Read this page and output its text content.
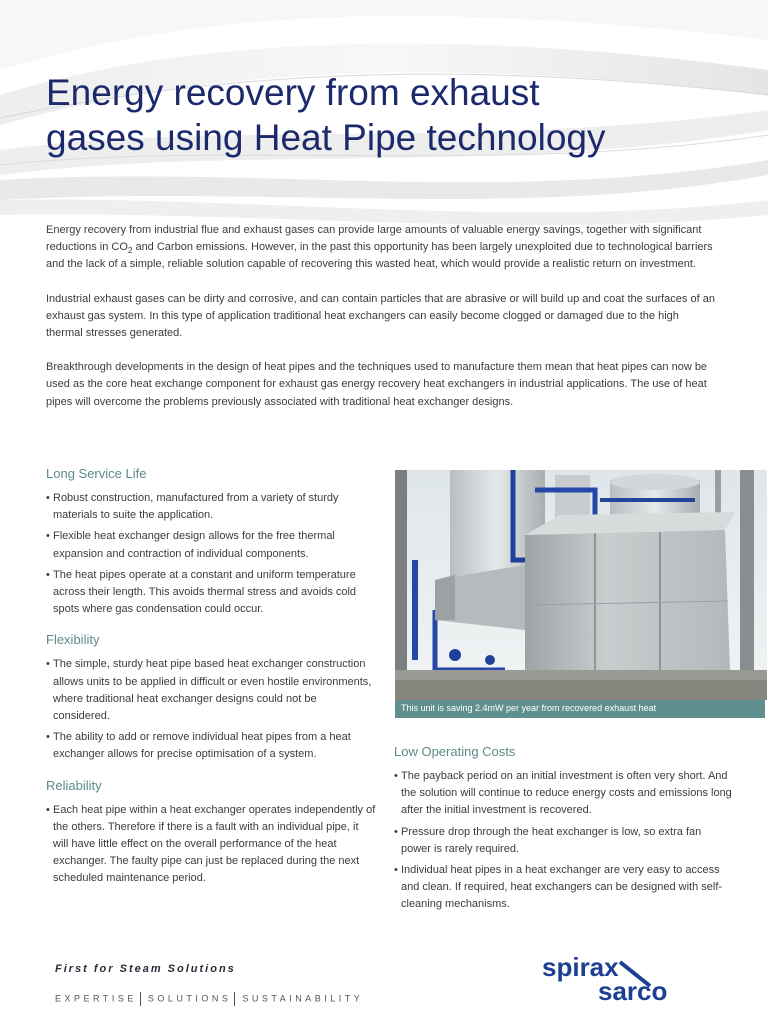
Energy recovery from exhaust
gases using Heat Pipe technology

Energy recovery from industrial flue and exhaust gases can provide large amounts of valuable energy savings, together with significant reductions in $CO_2$ and Carbon emissions. However, in the past this opportunity has been largely unexploited due to technological barriers and the lack of a simple, reliable solution capable of recovering this wasted heat, which would provide a realistic return on investment.

Industrial exhaust gases can be dirty and corrosive, and can contain particles that are abrasive or will build up and coat the surfaces of an exhaust gas system. In this type of application traditional heat exchangers can easily become clogged or damaged due to the high thermal stresses generated.

Breakthrough developments in the design of heat pipes and the techniques used to manufacture them mean that heat pipes can now be used as the core heat exchange component for exhaust gas energy recovery heat exchangers in industrial applications. The use of heat pipes will overcome the problems previously associated with traditional heat exchanger designs.

Long Service Life
• Robust construction, manufactured from a variety of sturdy materials to suite the application.
• Flexible heat exchanger design allows for the free thermal expansion and contraction of individual components.
• The heat pipes operate at a constant and uniform temperature across their length. This avoids thermal stress and avoids cold spots where gas condensation could occur.
Flexibility
• The simple, sturdy heat pipe based heat exchanger construction allows units to be applied in difficult or even hostile environments, where traditional heat exchanger designs could not be considered.
• The ability to add or remove individual heat pipes from a heat exchanger allows for precise optimisation of a system.
Reliability
• Each heat pipe within a heat exchanger operates independently of the others. Therefore if there is a fault with an individual pipe, it will have little effect on the overall performance of the heat exchanger. The faulty pipe can just be replaced during the next scheduled maintenance period.
This unit is saving 2.4mW per year from recovered exhaust heat
Low Operating Costs
• The payback period on an initial investment is often very short. And the solution will continue to reduce energy costs and emissions long after the initial investment is recovered.
• Pressure drop through the heat exchanger is low, so extra fan power is rarely required.
• Individual heat pipes in a heat exchanger are very easy to access and clean. If required, heat exchangers can be designed with self-cleaning mechanisms.
First for Steam Solutions
EXPERTISE SOLUTIONS SUSTAINABILITY
spirax
sarco
